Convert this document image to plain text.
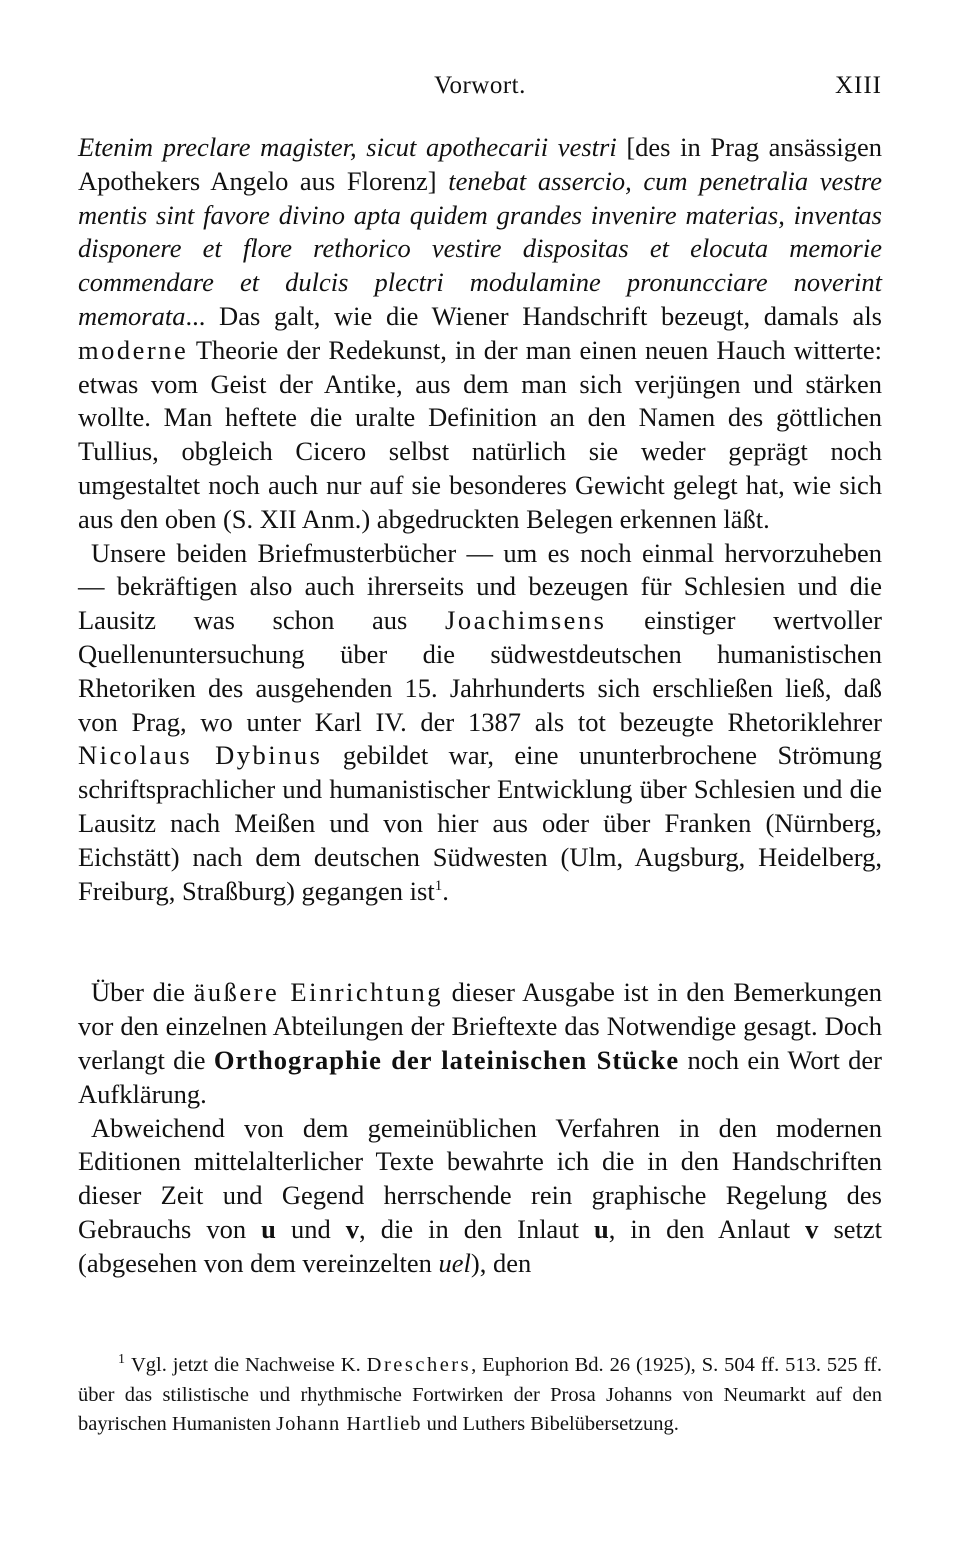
Vorwort.	XIII

Etenim preclare magister, sicut apothecarii vestri [des in Prag ansässigen Apothekers Angelo aus Florenz] tenebat assercio, cum penetralia vestre mentis sint favore divino apta quidem grandes invenire materias, inventas disponere et flore rethorico vestire dispositas et elocuta memorie commendare et dulcis plectri modulamine pronuncciare noverint memorata... Das galt, wie die Wiener Handschrift bezeugt, damals als moderne Theorie der Redekunst, in der man einen neuen Hauch witterte: etwas vom Geist der Antike, aus dem man sich verjüngen und stärken wollte. Man heftete die uralte Definition an den Namen des göttlichen Tullius, obgleich Cicero selbst natürlich sie weder geprägt noch umgestaltet noch auch nur auf sie besonderes Gewicht gelegt hat, wie sich aus den oben (S. XII Anm.) abgedruckten Belegen erkennen läßt.

Unsere beiden Briefmusterbücher — um es noch einmal hervorzuheben — bekräftigen also auch ihrerseits und bezeugen für Schlesien und die Lausitz was schon aus Joachimsens einstiger wertvoller Quellenuntersuchung über die südwestdeutschen humanistischen Rhetoriken des ausgehenden 15. Jahrhunderts sich erschließen ließ, daß von Prag, wo unter Karl IV. der 1387 als tot bezeugte Rhetoriklehrer Nicolaus Dybinus gebildet war, eine ununterbrochene Strömung schriftsprachlicher und humanistischer Entwicklung über Schlesien und die Lausitz nach Meißen und von hier aus oder über Franken (Nürnberg, Eichstätt) nach dem deutschen Südwesten (Ulm, Augsburg, Heidelberg, Freiburg, Straßburg) gegangen ist$^1$.

Über die äußere Einrichtung dieser Ausgabe ist in den Bemerkungen vor den einzelnen Abteilungen der Brieftexte das Notwendige gesagt. Doch verlangt die Orthographie der lateinischen Stücke noch ein Wort der Aufklärung.

Abweichend von dem gemeinüblichen Verfahren in den modernen Editionen mittelalterlicher Texte bewahrte ich die in den Handschriften dieser Zeit und Gegend herrschende rein graphische Regelung des Gebrauchs von u und v, die in den Inlaut u, in den Anlaut v setzt (abgesehen von dem vereinzelten uel), den

$^1$ Vgl. jetzt die Nachweise K. Dreschers, Euphorion Bd. 26 (1925), S. 504 ff. 513. 525 ff. über das stilistische und rhythmische Fortwirken der Prosa Johanns von Neumarkt auf den bayrischen Humanisten Johann Hartlieb und Luthers Bibelübersetzung.
